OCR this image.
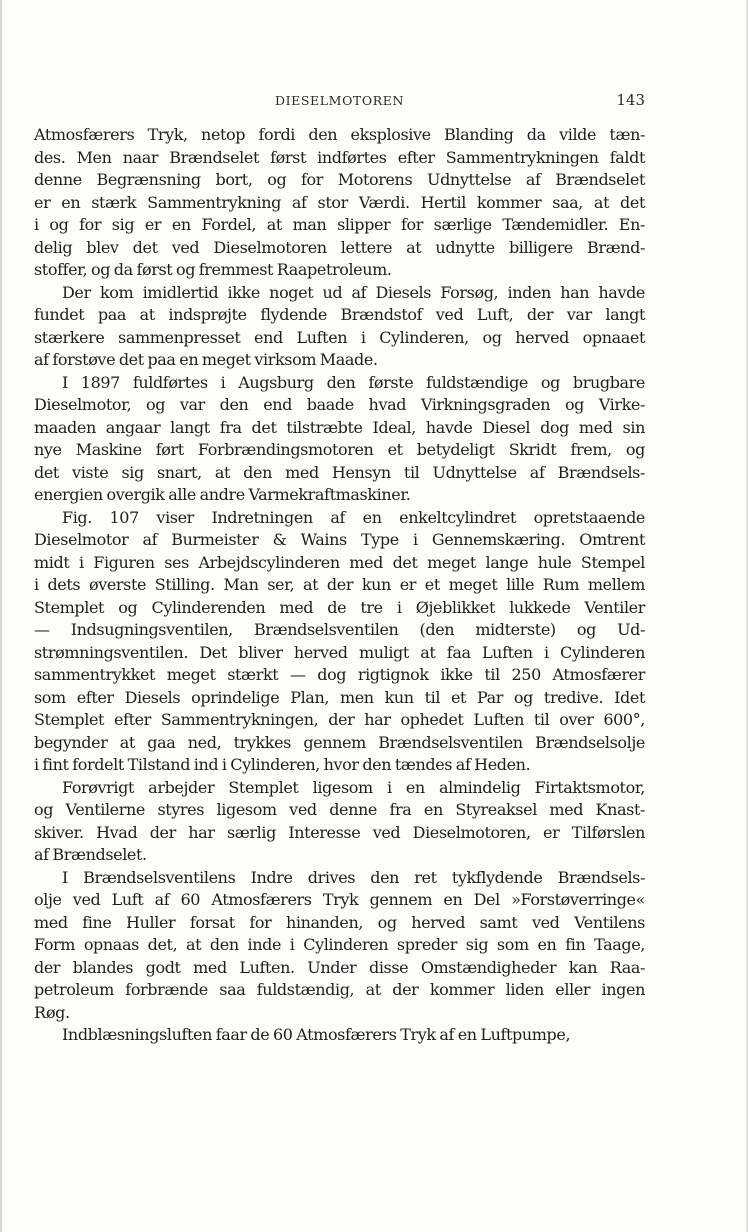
DIESELMOTOREN	143
Atmosfærers Tryk, netop fordi den eksplosive Blanding da vilde tæn-
des. Men naar Brændselet først indførtes efter Sammentrykningen faldt
denne Begrænsning bort, og for Motorens Udnyttelse af Brændselet
er en stærk Sammentrykning af stor Værdi. Hertil kommer saa, at det
i og for sig er en Fordel, at man slipper for særlige Tændemidler. En-
delig blev det ved Dieselmotoren lettere at udnytte billigere Brænd-
stoffer, og da først og fremmest Raapetroleum.
Der kom imidlertid ikke noget ud af Diesels Forsøg, inden han havde
fundet paa at indsprøjte flydende Brændstof ved Luft, der var langt
stærkere sammenpresset end Luften i Cylinderen, og herved opnaaet
af forstøve det paa en meget virksom Maade.
I 1897 fuldførtes i Augsburg den første fuldstændige og brugbare
Dieselmotor, og var den end baade hvad Virkningsgraden og Virke-
maaden angaar langt fra det tilstræbte Ideal, havde Diesel dog med sin
nye Maskine ført Forbrændingsmotoren et betydeligt Skridt frem, og
det viste sig snart, at den med Hensyn til Udnyttelse af Brændsels-
energien overgik alle andre Varmekraftmaskiner.
Fig. 107 viser Indretningen af en enkeltcylindret opretstaaende
Dieselmotor af Burmeister & Wains Type i Gennemskæring. Omtrent
midt i Figuren ses Arbejdscylinderen med det meget lange hule Stempel
i dets øverste Stilling. Man ser, at der kun er et meget lille Rum mellem
Stemplet og Cylinderenden med de tre i Øjeblikket lukkede Ventiler
— Indsugningsventilen, Brændselsventilen (den midterste) og Ud-
strømningsventilen. Det bliver herved muligt at faa Luften i Cylinderen
sammentrykket meget stærkt — dog rigtignok ikke til 250 Atmosfærer
som efter Diesels oprindelige Plan, men kun til et Par og tredive. Idet
Stemplet efter Sammentrykningen, der har ophedet Luften til over 600°,
begynder at gaa ned, trykkes gennem Brændselsventilen Brændselsolje
i fint fordelt Tilstand ind i Cylinderen, hvor den tændes af Heden.
Forøvrigt arbejder Stemplet ligesom i en almindelig Firtaktsmotor,
og Ventilerne styres ligesom ved denne fra en Styreaksel med Knast-
skiver. Hvad der har særlig Interesse ved Dieselmotoren, er Tilførslen
af Brændselet.
I Brændselsventilens Indre drives den ret tykflydende Brændsels-
olje ved Luft af 60 Atmosfærers Tryk gennem en Del »Forstøverringe«
med fine Huller forsat for hinanden, og herved samt ved Ventilens
Form opnaas det, at den inde i Cylinderen spreder sig som en fin Taage,
der blandes godt med Luften. Under disse Omstændigheder kan Raa-
petroleum forbrænde saa fuldstændig, at der kommer liden eller ingen
Røg.
Indblæsningsluften faar de 60 Atmosfærers Tryk af en Luftpumpe,
